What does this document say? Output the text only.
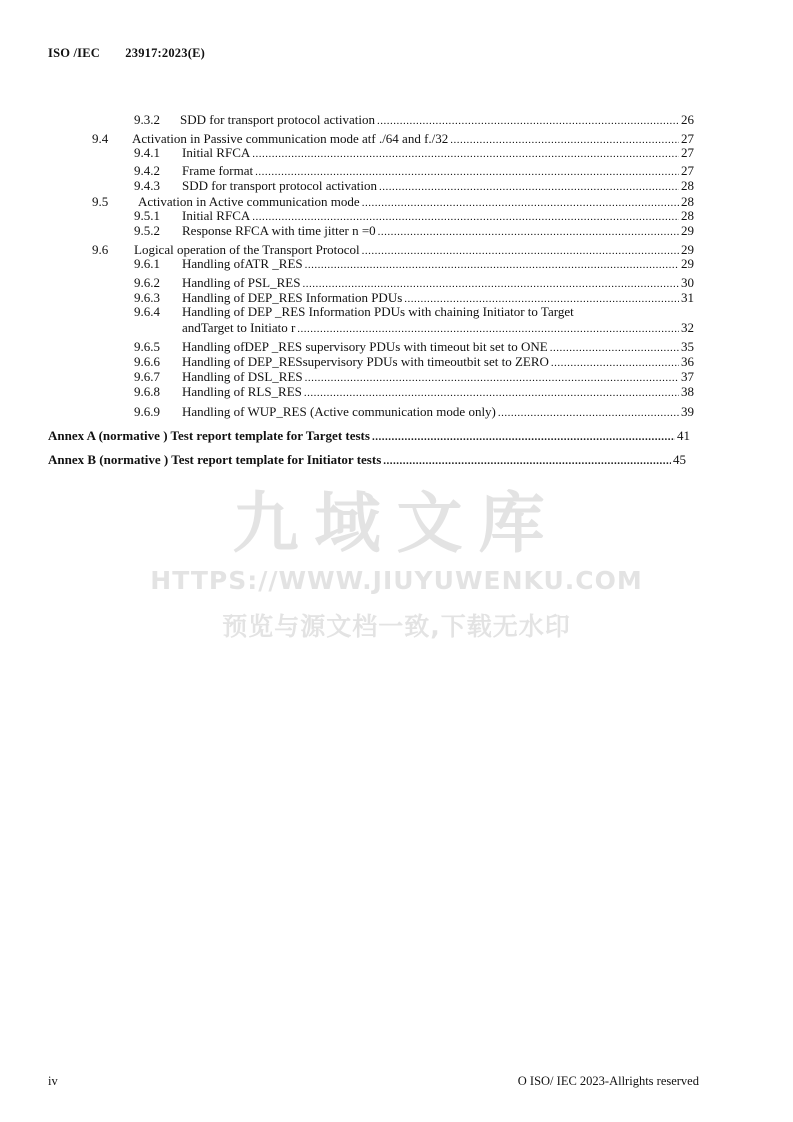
ISO /IEC 23917:2023(E)
9.3.2	SDD for transport protocol activation .....	26
9.4	Activation in Passive communication mode atf ./64 and f./32 .....	27
9.4.1	Initial RFCA .....	27
9.4.2	Frame format .....	27
9.4.3	SDD for transport protocol activation .....	28
9.5	Activation in Active communication mode .....	28
9.5.1	Initial RFCA .....	28
9.5.2	Response RFCA with time jitter n =0 .....	29
9.6	Logical operation of the Transport Protocol .....	29
9.6.1	Handling ofATR _RES .....	29
9.6.2	Handling of PSL_RES .....	30
9.6.3	Handling of DEP_RES Information PDUs .....	31
9.6.4 Handling of DEP _RES Information PDUs with chaining Initiator to Target
andTarget to Initiato r .....	32
9.6.5	Handling ofDEP _RES supervisory PDUs with timeout bit set to ONE .....	35
9.6.6	Handling of DEP_RESsupervisory PDUs with timeoutbit set to ZERO .....	36
9.6.7	Handling of DSL_RES .....	37
9.6.8	Handling of RLS_RES .....	38
9.6.9	Handling of WUP_RES (Active communication mode only) .....	39
Annex A (normative ) Test report template for Target tests .....	41
Annex B (normative ) Test report template for Initiator tests .....	45
九域文库
HTTPS://WWW.JIUYUWENKU.COM
预览与源文档一致,下载无水印
iv	O ISO/ IEC 2023-Allrights reserved
